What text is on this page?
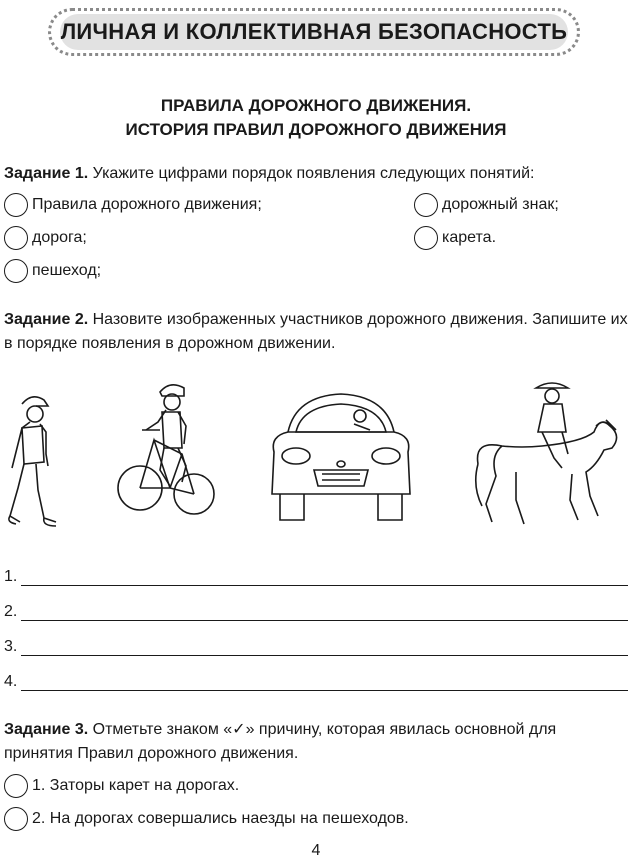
ЛИЧНАЯ И КОЛЛЕКТИВНАЯ БЕЗОПАСНОСТЬ
ПРАВИЛА ДОРОЖНОГО ДВИЖЕНИЯ.
ИСТОРИЯ ПРАВИЛ ДОРОЖНОГО ДВИЖЕНИЯ
Задание 1. Укажите цифрами порядок появления следующих понятий:
Правила дорожного движения;	дорожный знак;
дорога;	карета.
пешеход;
Задание 2. Назовите изображенных участников дорожного движения. Запишите их в порядке появления в дорожном движении.
1.
2.
3.
4.
Задание 3. Отметьте знаком «✓» причину, которая явилась основной для принятия Правил дорожного движения.
1. Заторы карет на дорогах.
2. На дорогах совершались наезды на пешеходов.
4
